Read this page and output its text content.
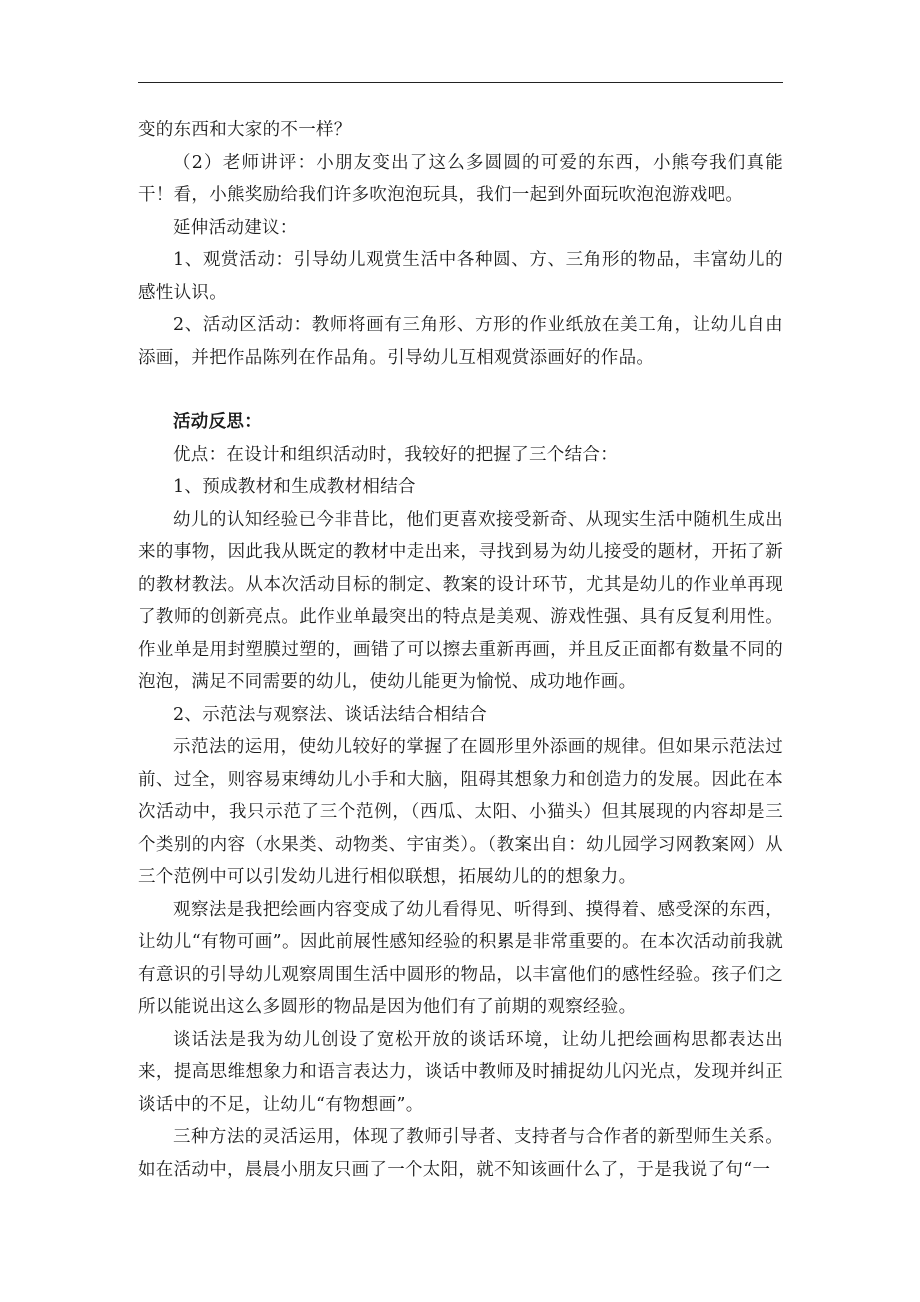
变的东西和大家的不一样？

（2）老师讲评：小朋友变出了这么多圆圆的可爱的东西，小熊夸我们真能干！看，小熊奖励给我们许多吹泡泡玩具，我们一起到外面玩吹泡泡游戏吧。

延伸活动建议：

1、观赏活动：引导幼儿观赏生活中各种圆、方、三角形的物品，丰富幼儿的感性认识。

2、活动区活动：教师将画有三角形、方形的作业纸放在美工角，让幼儿自由添画，并把作品陈列在作品角。引导幼儿互相观赏添画好的作品。

活动反思：

优点：在设计和组织活动时，我较好的把握了三个结合：

1、预成教材和生成教材相结合

幼儿的认知经验已今非昔比，他们更喜欢接受新奇、从现实生活中随机生成出来的事物，因此我从既定的教材中走出来，寻找到易为幼儿接受的题材，开拓了新的教材教法。从本次活动目标的制定、教案的设计环节，尤其是幼儿的作业单再现了教师的创新亮点。此作业单最突出的特点是美观、游戏性强、具有反复利用性。作业单是用封塑膜过塑的，画错了可以擦去重新再画，并且反正面都有数量不同的泡泡，满足不同需要的幼儿，使幼儿能更为愉悦、成功地作画。

2、示范法与观察法、谈话法结合相结合

示范法的运用，使幼儿较好的掌握了在圆形里外添画的规律。但如果示范法过前、过全，则容易束缚幼儿小手和大脑，阻碍其想象力和创造力的发展。因此在本次活动中，我只示范了三个范例，（西瓜、太阳、小猫头）但其展现的内容却是三个类别的内容（水果类、动物类、宇宙类）。（教案出自：幼儿园学习网教案网）从三个范例中可以引发幼儿进行相似联想，拓展幼儿的的想象力。

观察法是我把绘画内容变成了幼儿看得见、听得到、摸得着、感受深的东西，让幼儿“有物可画”。因此前展性感知经验的积累是非常重要的。在本次活动前我就有意识的引导幼儿观察周围生活中圆形的物品，以丰富他们的感性经验。孩子们之所以能说出这么多圆形的物品是因为他们有了前期的观察经验。

谈话法是我为幼儿创设了宽松开放的谈话环境，让幼儿把绘画构思都表达出来，提高思维想象力和语言表达力，谈话中教师及时捕捉幼儿闪光点，发现并纠正谈话中的不足，让幼儿“有物想画”。

三种方法的灵活运用，体现了教师引导者、支持者与合作者的新型师生关系。如在活动中，晨晨小朋友只画了一个太阳，就不知该画什么了，于是我说了句“一
